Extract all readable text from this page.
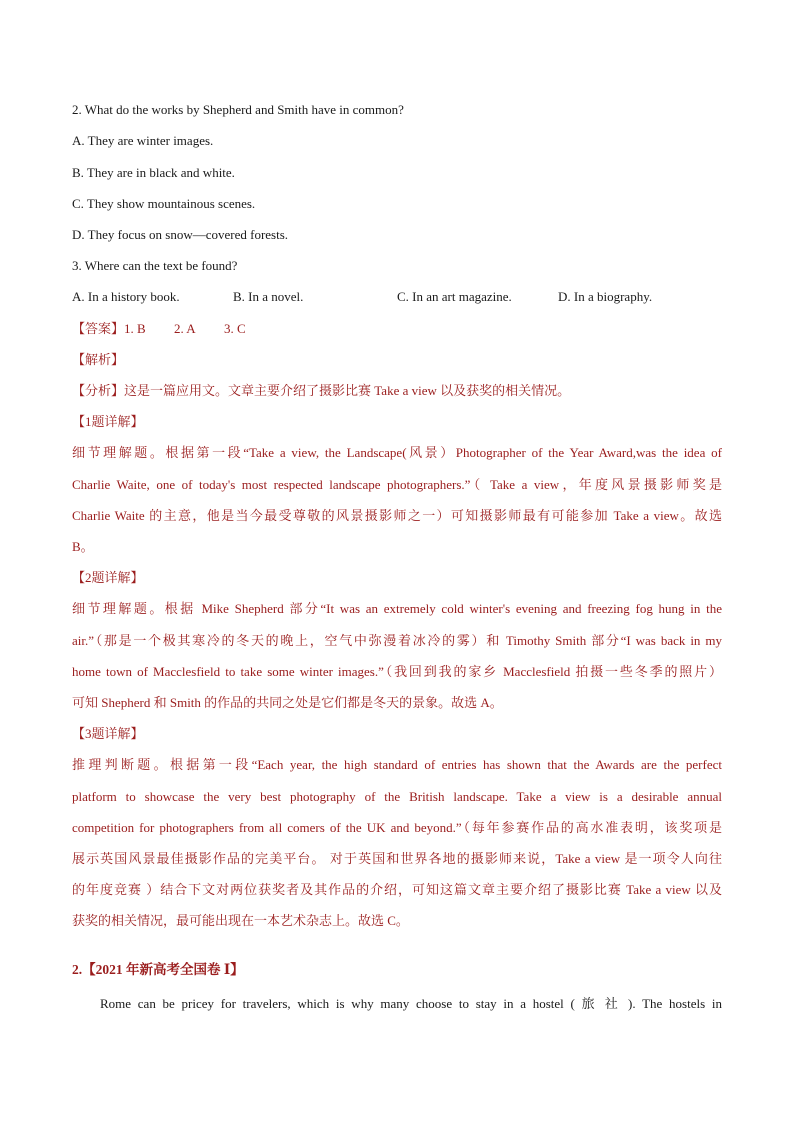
2. What do the works by Shepherd and Smith have in common?
A. They are winter images.
B. They are in black and white.
C. They show mountainous scenes.
D. They focus on snow—covered forests.
3. Where can the text be found?
A. In a history book.	B. In a novel.	C. In an art magazine.	D. In a biography.
【答案】1. B 2. A 3. C
【解析】
【分析】这是一篇应用文。文章主要介绍了摄影比赛 Take a view 以及获奖的相关情况。
【1题详解】
细节理解题。根据第一段“Take a view, the Landscape(风景）Photographer of the Year Award,was the idea of
Charlie Waite, one of today's most respected landscape photographers.”（ Take a view，年度风景摄影师奖是
Charlie Waite 的主意，他是当今最受尊敬的风景摄影师之一）可知摄影师最有可能参加 Take a view。故选
B。
【2题详解】
细节理解题。根据 Mike Shepherd 部分“It was an extremely cold winter's evening and freezing fog hung in the
air.”（那是一个极其寒冷的冬天的晚上，空气中弥漫着冰冷的雾）和 Timothy Smith 部分“I was back in my
home town of Macclesfield to take some winter images.”（我回到我的家乡 Macclesfield 拍摄一些冬季的照片）
可知 Shepherd 和 Smith 的作品的共同之处是它们都是冬天的景象。故选 A。
【3题详解】
推理判断题。根据第一段“Each year, the high standard of entries has shown that the Awards are the perfect
platform to showcase the very best photography of the British landscape. Take a view is a desirable annual
competition for photographers from all comers of the UK and beyond.”（每年参赛作品的高水准表明，该奖项是
展示英国风景最佳摄影作品的完美平台。 对于英国和世界各地的摄影师来说，Take a view 是一项令人向往
的年度竞赛 ）结合下文对两位获奖者及其作品的介绍，可知这篇文章主要介绍了摄影比赛 Take a view 以及
获奖的相关情况，最可能出现在一本艺术杂志上。故选 C。
2.【2021 年新高考全国卷 Ⅰ】
Rome can be pricey for travelers, which is why many choose to stay in a hostel ( 旅 社 ). The hostels in
